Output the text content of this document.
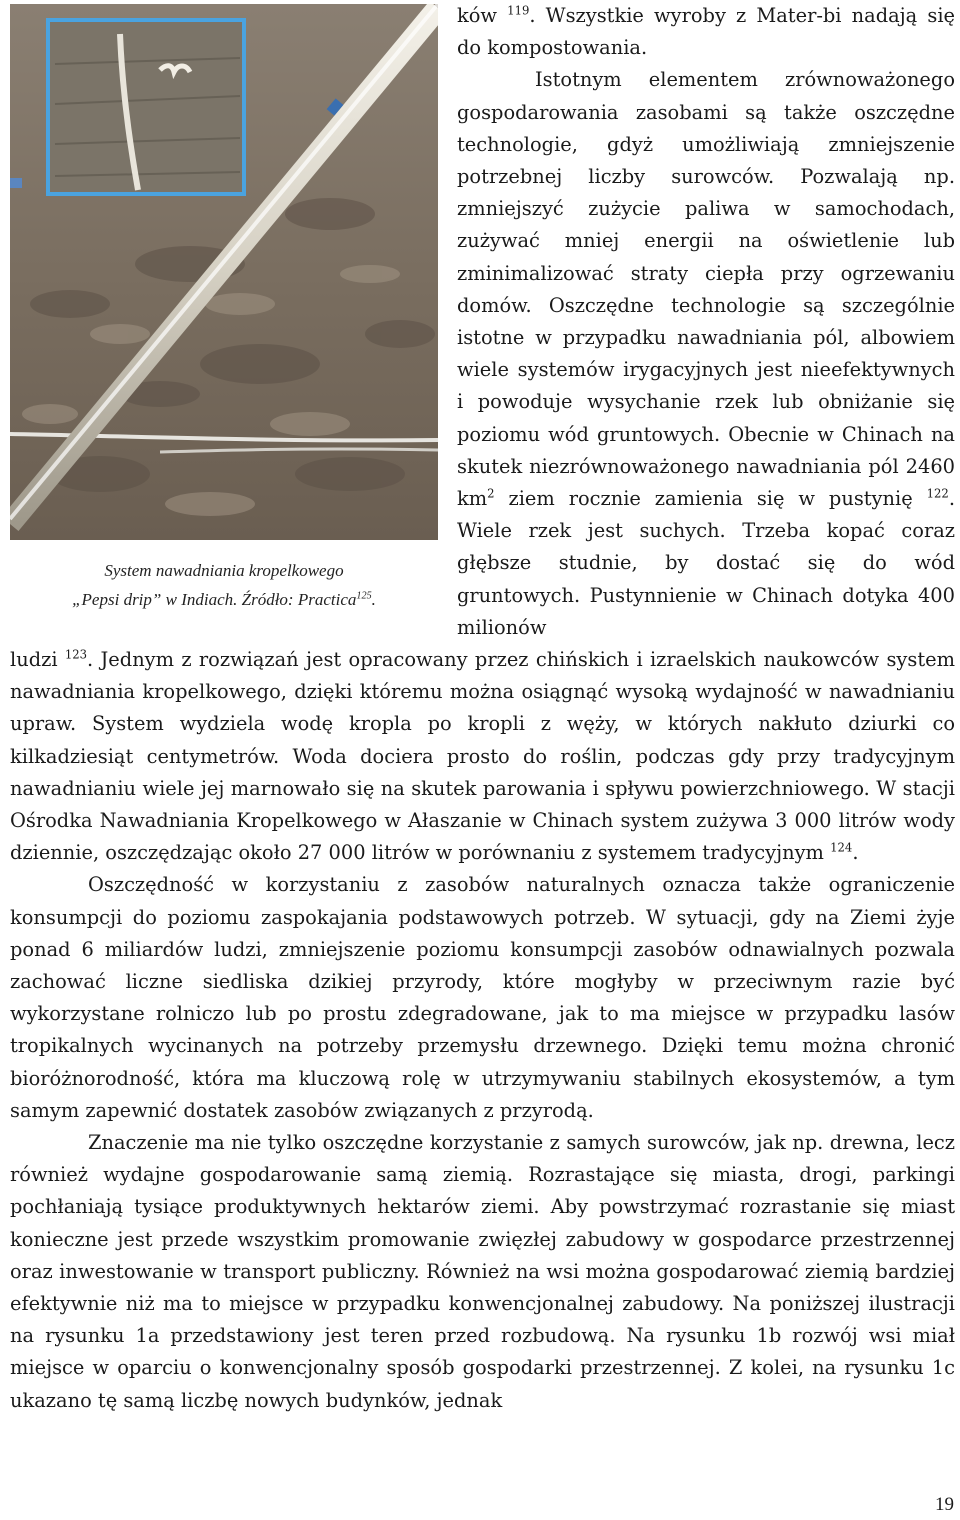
System nawadniania kropelkowego
„Pepsi drip” w Indiach. Źródło: Practica$^{125}$.

ków $^{119}$. Wszystkie wyroby z Mater-bi nadają się do kompostowania.

Istotnym elementem zrównoważonego gospodarowania zasobami są także oszczędne technologie, gdyż umożliwiają zmniejszenie potrzebnej liczby surowców. Pozwalają np. zmniejszyć zużycie paliwa w samochodach, zużywać mniej energii na oświetlenie lub zminimalizować straty ciepła przy ogrzewaniu domów. Oszczędne technologie są szczególnie istotne w przypadku nawadniania pól, albowiem wiele systemów irygacyjnych jest nieefektywnych i powoduje wysychanie rzek lub obniżanie się poziomu wód gruntowych. Obecnie w Chinach na skutek niezrównoważonego nawadniania pól 2460 $km^2$ ziem rocznie zamienia się w pustynię $^{122}$. Wiele rzek jest suchych. Trzeba kopać coraz głębsze studnie, by dostać się do wód gruntowych. Pustynnienie w Chinach dotyka 400 milionów

ludzi $^{123}$. Jednym z rozwiązań jest opracowany przez chińskich i izraelskich naukowców system nawadniania kropelkowego, dzięki któremu można osiągnąć wysoką wydajność w nawadnianiu upraw. System wydziela wodę kropla po kropli z węży, w których nakłuto dziurki co kilkadziesiąt centymetrów. Woda dociera prosto do roślin, podczas gdy przy tradycyjnym nawadnianiu wiele jej marnowało się na skutek parowania i spływu powierzchniowego. W stacji Ośrodka Nawadniania Kropelkowego w Ałaszanie w Chinach system zużywa 3 000 litrów wody dziennie, oszczędzając około 27 000 litrów w porównaniu z systemem tradycyjnym $^{124}$.

Oszczędność w korzystaniu z zasobów naturalnych oznacza także ograniczenie konsumpcji do poziomu zaspokajania podstawowych potrzeb. W sytuacji, gdy na Ziemi żyje ponad 6 miliardów ludzi, zmniejszenie poziomu konsumpcji zasobów odnawialnych pozwala zachować liczne siedliska dzikiej przyrody, które mogłyby w przeciwnym razie być wykorzystane rolniczo lub po prostu zdegradowane, jak to ma miejsce w przypadku lasów tropikalnych wycinanych na potrzeby przemysłu drzewnego. Dzięki temu można chronić bioróżnorodność, która ma kluczową rolę w utrzymywaniu stabilnych ekosystemów, a tym samym zapewnić dostatek zasobów związanych z przyrodą.

Znaczenie ma nie tylko oszczędne korzystanie z samych surowców, jak np. drewna, lecz również wydajne gospodarowanie samą ziemią. Rozrastające się miasta, drogi, parkingi pochłaniają tysiące produktywnych hektarów ziemi. Aby powstrzymać rozrastanie się miast konieczne jest przede wszystkim promowanie zwięzłej zabudowy w gospodarce przestrzennej oraz inwestowanie w transport publiczny. Również na wsi można gospodarować ziemią bardziej efektywnie niż ma to miejsce w przypadku konwencjonalnej zabudowy. Na poniższej ilustracji na rysunku 1a przedstawiony jest teren przed rozbudową. Na rysunku 1b rozwój wsi miał miejsce w oparciu o konwencjonalny sposób gospodarki przestrzennej. Z kolei, na rysunku 1c ukazano tę samą liczbę nowych budynków, jednak

19
